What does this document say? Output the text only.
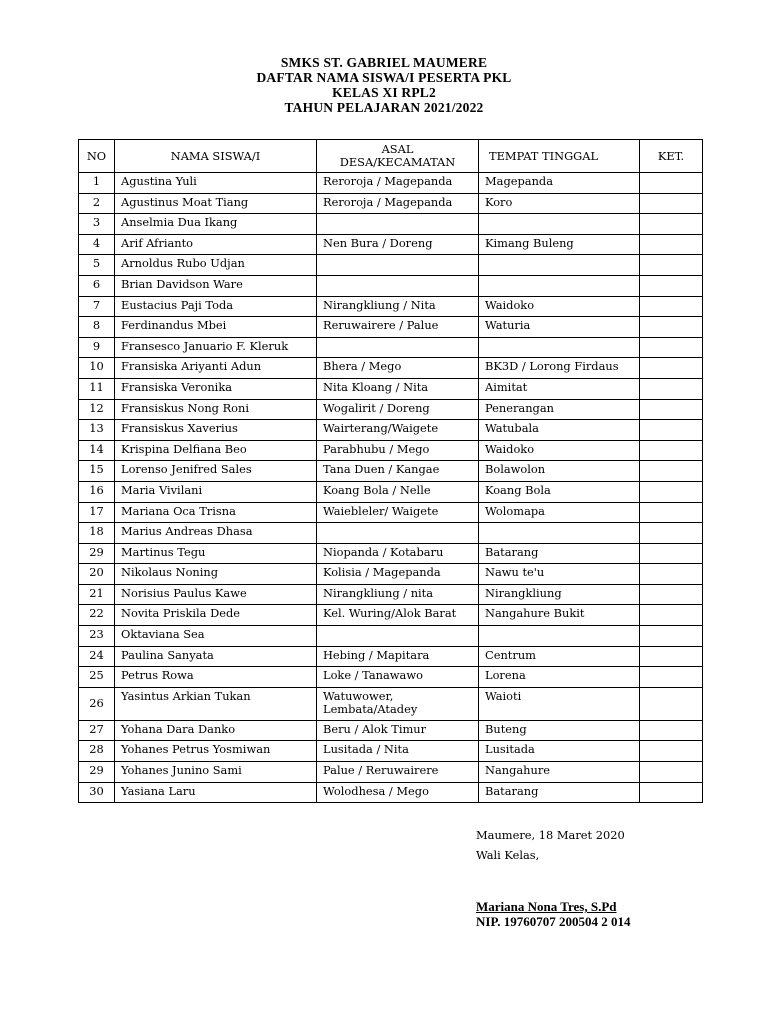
SMKS ST. GABRIEL MAUMERE
DAFTAR NAMA SISWA/I PESERTA PKL
KELAS XI RPL2
TAHUN PELAJARAN 2021/2022
NO	NAMA SISWA/I	ASAL DESA/KECAMATAN	TEMPAT TINGGAL	KET.
1	Agustina Yuli	Reroroja / Magepanda	Magepanda	
2	Agustinus Moat Tiang	Reroroja / Magepanda	Koro	
3	Anselmia Dua Ikang			
4	Arif Afrianto	Nen Bura / Doreng	Kimang Buleng	
5	Arnoldus Rubo Udjan			
6	Brian Davidson Ware			
7	Eustacius Paji Toda	Nirangkliung / Nita	Waidoko	
8	Ferdinandus Mbei	Reruwairere / Palue	Waturia	
9	Fransesco Januario F. Kleruk			
10	Fransiska Ariyanti Adun	Bhera / Mego	BK3D / Lorong Firdaus	
11	Fransiska Veronika	Nita Kloang / Nita	Aimitat	
12	Fransiskus Nong Roni	Wogalirit / Doreng	Penerangan	
13	Fransiskus Xaverius	Wairterang/Waigete	Watubala	
14	Krispina Delfiana Beo	Parabhubu / Mego	Waidoko	
15	Lorenso Jenifred Sales	Tana Duen / Kangae	Bolawolon	
16	Maria Vivilani	Koang Bola / Nelle	Koang Bola	
17	Mariana Oca Trisna	Waiebleler/ Waigete	Wolomapa	
18	Marius Andreas Dhasa			
29	Martinus Tegu	Niopanda / Kotabaru	Batarang	
20	Nikolaus Noning	Kolisia / Magepanda	Nawu te'u	
21	Norisius Paulus Kawe	Nirangkliung / nita	Nirangkliung	
22	Novita Priskila Dede	Kel. Wuring/Alok Barat	Nangahure Bukit	
23	Oktaviana Sea			
24	Paulina Sanyata	Hebing / Mapitara	Centrum	
25	Petrus Rowa	Loke / Tanawawo	Lorena	
26	Yasintus Arkian Tukan	Watuwower, Lembata/Atadey	Waioti	
27	Yohana Dara Danko	Beru / Alok Timur	Buteng	
28	Yohanes Petrus Yosmiwan	Lusitada / Nita	Lusitada	
29	Yohanes Junino Sami	Palue / Reruwairere	Nangahure	
30	Yasiana Laru	Wolodhesa / Mego	Batarang	
Maumere, 18 Maret 2020
Wali Kelas,
Mariana Nona Tres, S.Pd
NIP. 19760707 200504 2 014
